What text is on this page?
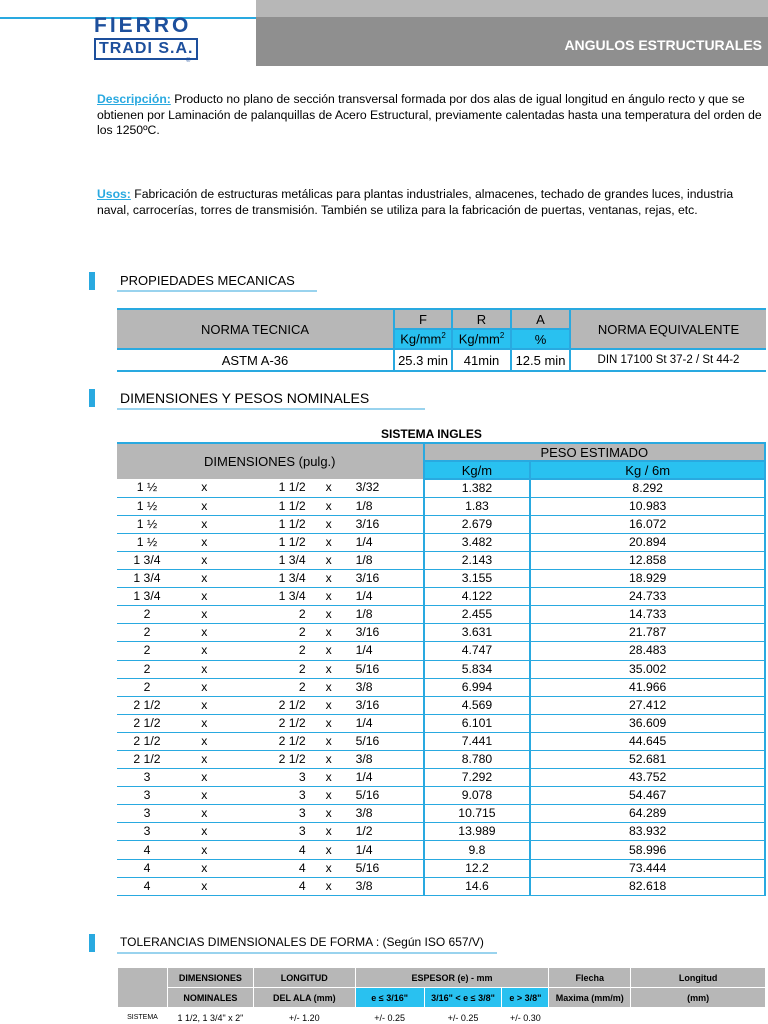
FIERRO
TRADI S.A.
®
ANGULOS ESTRUCTURALES
Descripción: Producto no plano de sección transversal formada por dos alas de igual longitud en ángulo recto y que se obtienen por Laminación de palanquillas de Acero Estructural, previamente calentadas hasta una temperatura del orden de los 1250ºC.
Usos: Fabricación de estructuras metálicas para plantas industriales, almacenes, techado de grandes luces, industria naval, carrocerías, torres de transmisión. También se utiliza para la fabricación de puertas, ventanas, rejas, etc.
PROPIEDADES MECANICAS
NORMA TECNICA	F	R	A	NORMA EQUIVALENTE
	$Kg/mm^2$	$Kg/mm^2$	%	
ASTM A-36	25.3 min	41min	12.5 min	DIN 17100 St 37-2 / St 44-2
DIMENSIONES Y PESOS NOMINALES
SISTEMA INGLES
DIMENSIONES (pulg.)					PESO ESTIMADO	
					Kg/m	Kg / 6m
1 ½	x	1 1/2	x	3/32	1.382	8.292
1 ½	x	1 1/2	x	1/8	1.83	10.983
1 ½	x	1 1/2	x	3/16	2.679	16.072
1 ½	x	1 1/2	x	1/4	3.482	20.894
1 3/4	x	1 3/4	x	1/8	2.143	12.858
1 3/4	x	1 3/4	x	3/16	3.155	18.929
1 3/4	x	1 3/4	x	1/4	4.122	24.733
2	x	2	x	1/8	2.455	14.733
2	x	2	x	3/16	3.631	21.787
2	x	2	x	1/4	4.747	28.483
2	x	2	x	5/16	5.834	35.002
2	x	2	x	3/8	6.994	41.966
2 1/2	x	2 1/2	x	3/16	4.569	27.412
2 1/2	x	2 1/2	x	1/4	6.101	36.609
2 1/2	x	2 1/2	x	5/16	7.441	44.645
2 1/2	x	2 1/2	x	3/8	8.780	52.681
3	x	3	x	1/4	7.292	43.752
3	x	3	x	5/16	9.078	54.467
3	x	3	x	3/8	10.715	64.289
3	x	3	x	1/2	13.989	83.932
4	x	4	x	1/4	9.8	58.996
4	x	4	x	5/16	12.2	73.444
4	x	4	x	3/8	14.6	82.618
TOLERANCIAS DIMENSIONALES DE FORMA : (Según ISO 657/V)
	DIMENSIONES	LONGITUD	ESPESOR (e) - mm			Flecha	Longitud
	NOMINALES	DEL ALA (mm)	e ≤ 3/16"	3/16" < e ≤ 3/8"	e > 3/8"	Maxima (mm/m)	(mm)
SISTEMA	1 1/2, 1 3/4" x 2"	+/- 1.20	+/- 0.25	+/- 0.25	+/- 0.30		
